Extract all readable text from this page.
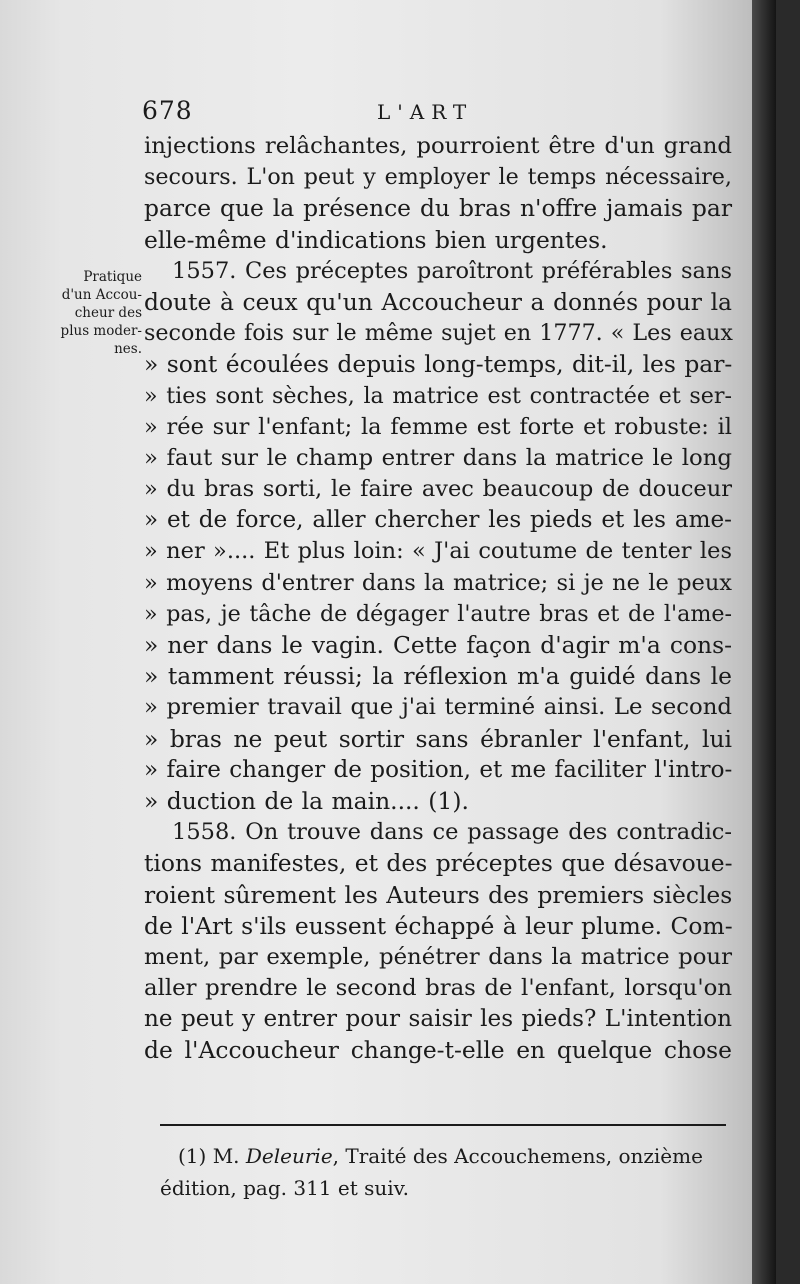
678	L'ART
Pratique
d'un Accou-
cheur des
plus moder-
nes.
injections relâchantes, pourroient être d'un grand
secours. L'on peut y employer le temps nécessaire,
parce que la présence du bras n'offre jamais par
elle-même d'indications bien urgentes.
1557. Ces préceptes paroîtront préférables sans
doute à ceux qu'un Accoucheur a donnés pour la
seconde fois sur le même sujet en 1777. « Les eaux
» sont écoulées depuis long-temps, dit-il, les par-
» ties sont sèches, la matrice est contractée et ser-
» rée sur l'enfant; la femme est forte et robuste: il
» faut sur le champ entrer dans la matrice le long
» du bras sorti, le faire avec beaucoup de douceur
» et de force, aller chercher les pieds et les ame-
» ner ».... Et plus loin: « J'ai coutume de tenter les
» moyens d'entrer dans la matrice; si je ne le peux
» pas, je tâche de dégager l'autre bras et de l'ame-
» ner dans le vagin. Cette façon d'agir m'a cons-
» tamment réussi; la réflexion m'a guidé dans le
» premier travail que j'ai terminé ainsi. Le second
» bras ne peut sortir sans ébranler l'enfant, lui
» faire changer de position, et me faciliter l'intro-
» duction de la main.... (1).
1558. On trouve dans ce passage des contradic-
tions manifestes, et des préceptes que désavoue-
roient sûrement les Auteurs des premiers siècles
de l'Art s'ils eussent échappé à leur plume. Com-
ment, par exemple, pénétrer dans la matrice pour
aller prendre le second bras de l'enfant, lorsqu'on
ne peut y entrer pour saisir les pieds? L'intention
de l'Accoucheur change-t-elle en quelque chose
(1) M. Deleurie, Traité des Accouchemens, onzième
édition, pag. 311 et suiv.
